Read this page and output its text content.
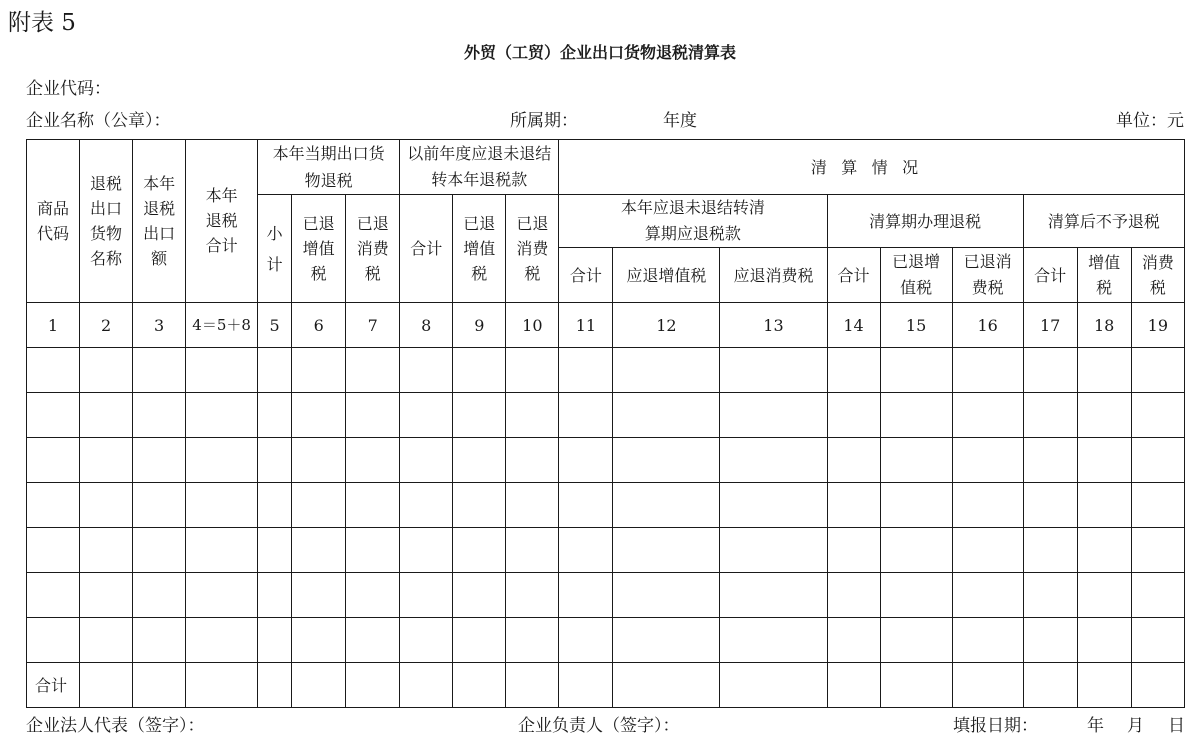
附表 5
外贸（工贸）企业出口货物退税清算表
企业代码：
企业名称（公章）：	所属期：	年度	单位：元
商品代码	退税出口货物名称	本年退税出口额	本年退税合计	本年当期出口货物退税			以前年度应退未退结转本年退税款			清算情况								
				小计	已退增值税	已退消费税	合计	已退增值税	已退消费税	本年应退未退结转清算期应退税款			清算期办理退税			清算后不予退税		
										合计	应退增值税	应退消费税	合计	已退增值税	已退消费税	合计	增值税	消费税
1	2	3	4＝5＋8	5	6	7	8	9	10	11	12	13	14	15	16	17	18	19

合计																		
企业法人代表（签字）：	企业负责人（签字）：	填报日期：	年 月 日
